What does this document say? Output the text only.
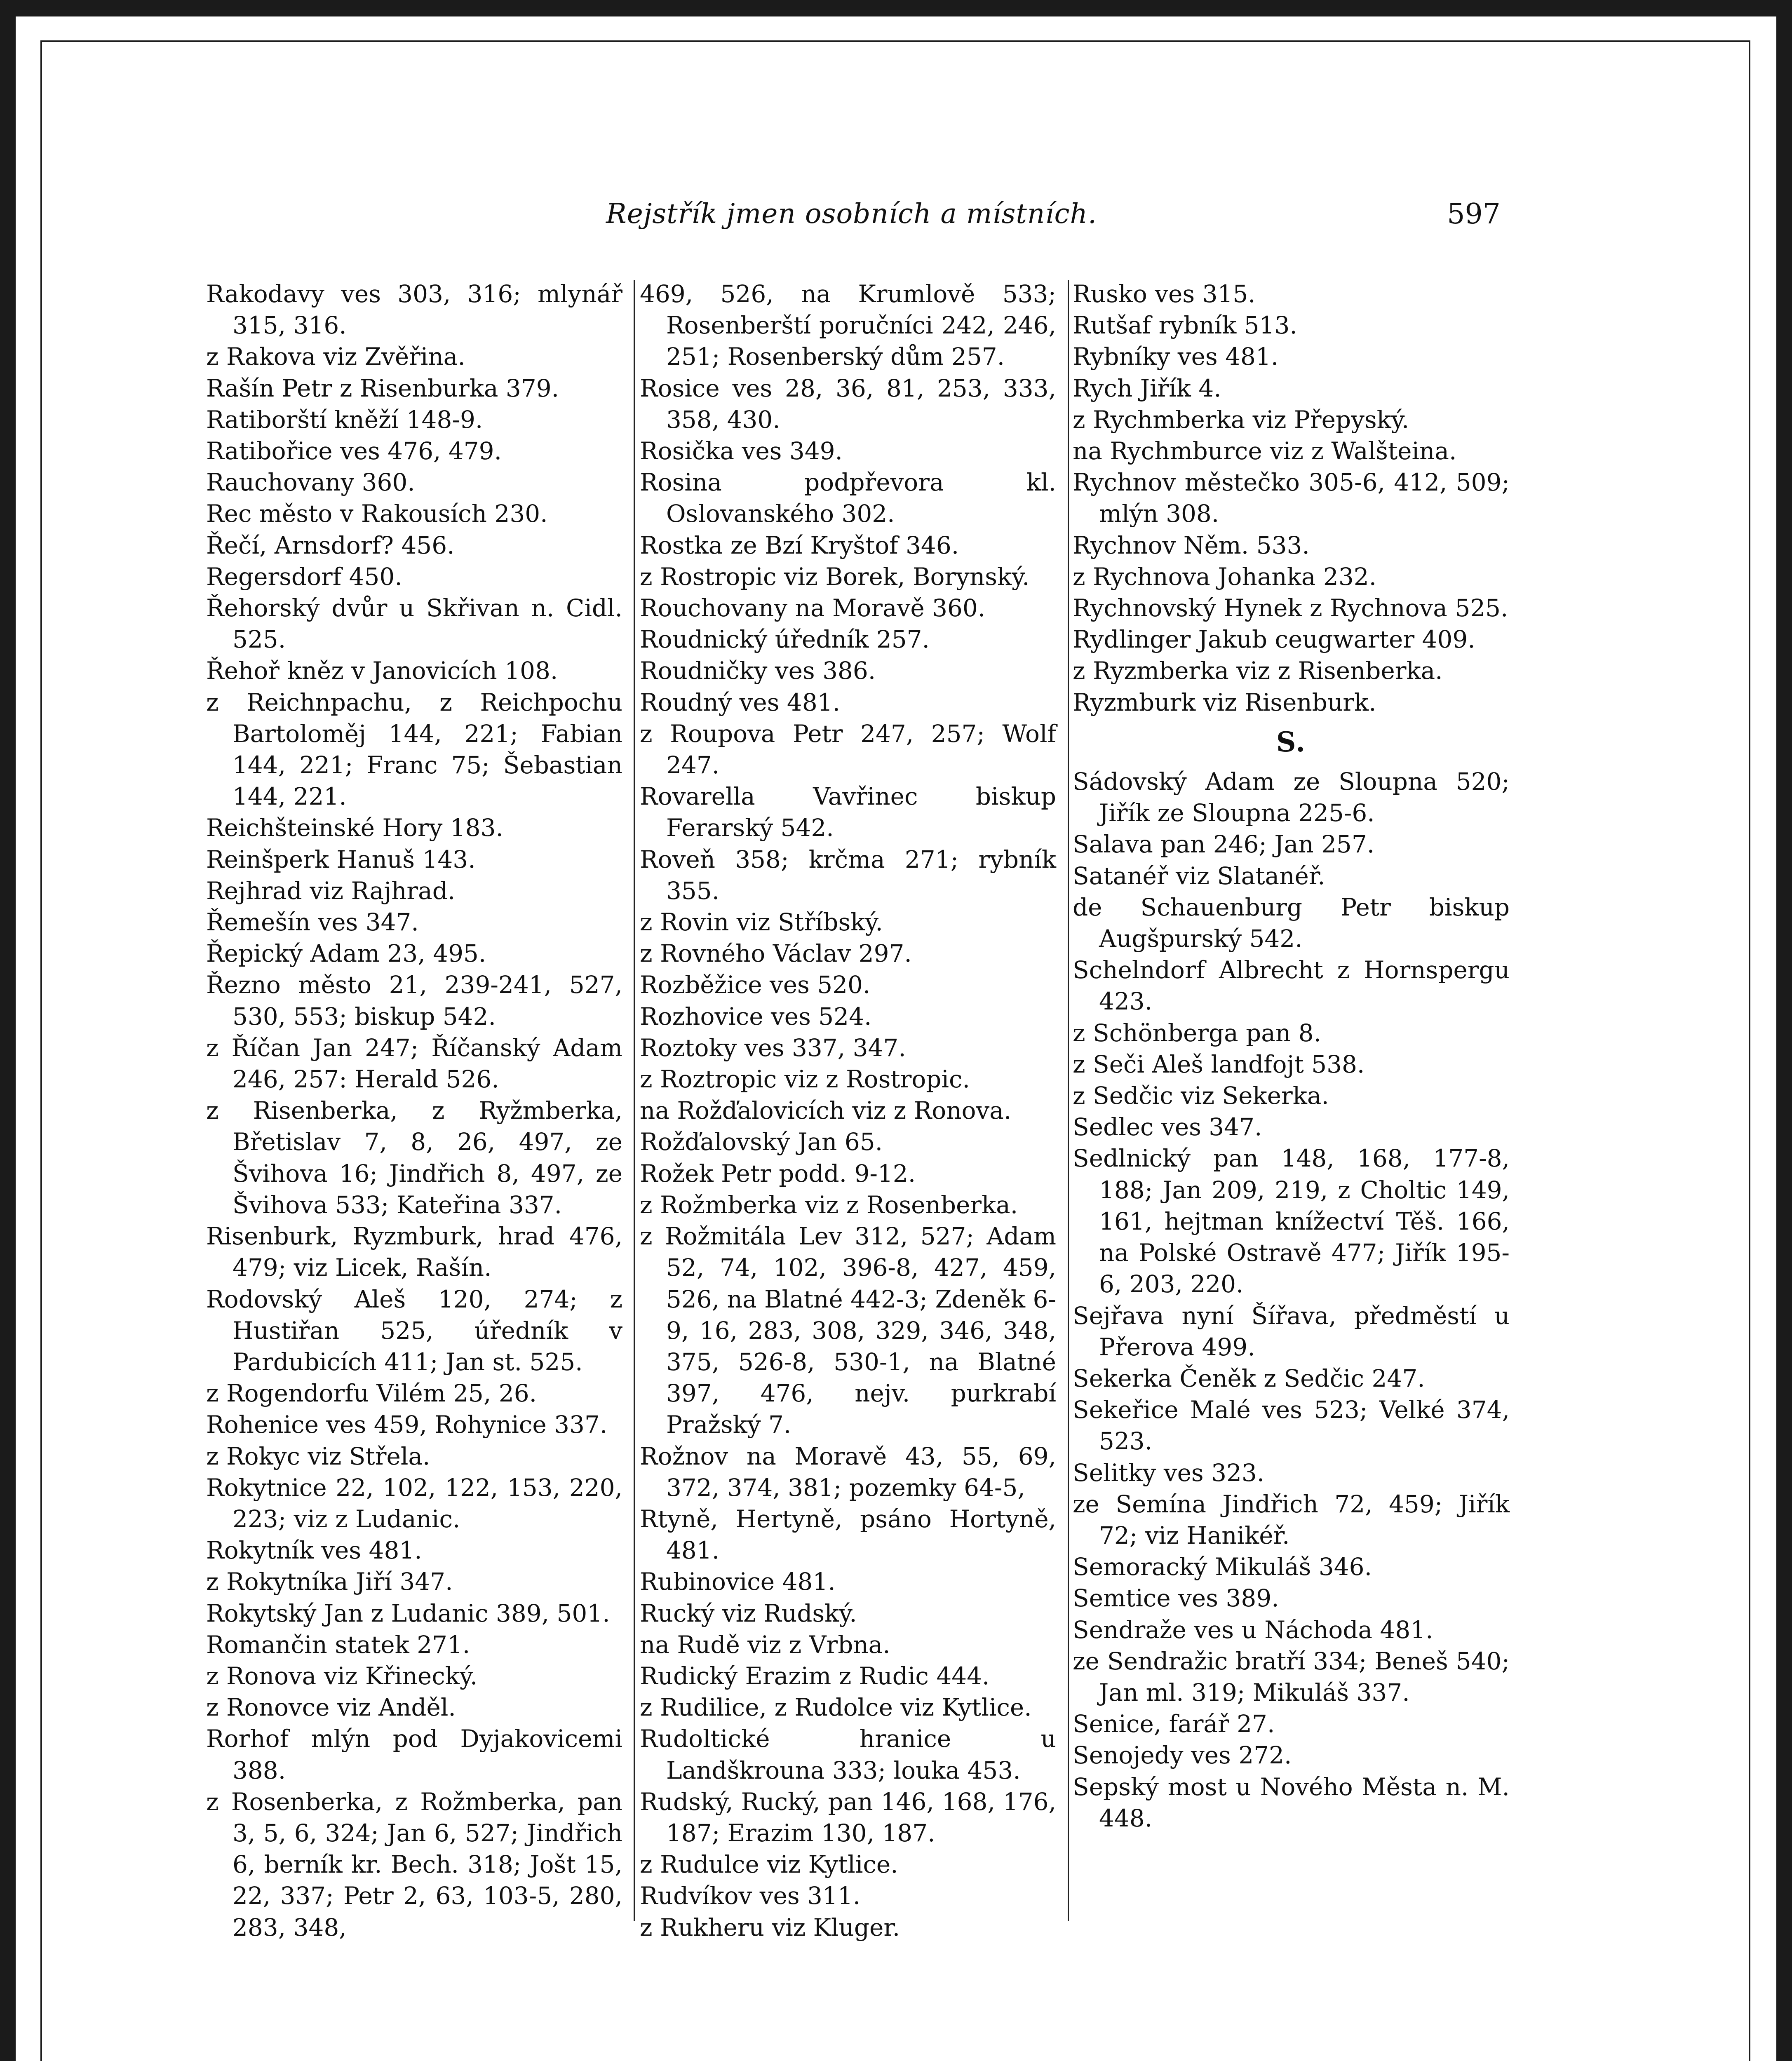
Rejstřík jmen osobních a místních.	597

Rakodavy ves 303, 316; mlynář 315, 316.

z Rakova viz Zvěřina.

Rašín Petr z Risenburka 379.

Ratiborští kněží 148-9.

Ratibořice ves 476, 479.

Rauchovany 360.

Rec město v Rakousích 230.

Řečí, Arnsdorf? 456.

Regersdorf 450.

Řehorský dvůr u Skřivan n. Cidl. 525.

Řehoř kněz v Janovicích 108.

z Reichnpachu, z Reichpochu Bartoloměj 144, 221; Fabian 144, 221; Franc 75; Šebastian 144, 221.

Reichšteinské Hory 183.

Reinšperk Hanuš 143.

Rejhrad viz Rajhrad.

Řemešín ves 347.

Řepický Adam 23, 495.

Řezno město 21, 239-241, 527, 530, 553; biskup 542.

z Říčan Jan 247; Říčanský Adam 246, 257: Herald 526.

z Risenberka, z Ryžmberka, Břetislav 7, 8, 26, 497, ze Švihova 16; Jindřich 8, 497, ze Švihova 533; Kateřina 337.

Risenburk, Ryzmburk, hrad 476, 479; viz Licek, Rašín.

Rodovský Aleš 120, 274; z Hustiřan 525, úředník v Pardubicích 411; Jan st. 525.

z Rogendorfu Vilém 25, 26.

Rohenice ves 459, Rohynice 337.

z Rokyc viz Střela.

Rokytnice 22, 102, 122, 153, 220, 223; viz z Ludanic.

Rokytník ves 481.

z Rokytníka Jiří 347.

Rokytský Jan z Ludanic 389, 501.

Romančin statek 271.

z Ronova viz Křinecký.

z Ronovce viz Anděl.

Rorhof mlýn pod Dyjakovicemi 388.

z Rosenberka, z Rožmberka, pan 3, 5, 6, 324; Jan 6, 527; Jindřich 6, berník kr. Bech. 318; Jošt 15, 22, 337; Petr 2, 63, 103-5, 280, 283, 348,

469, 526, na Krumlově 533; Rosenberští poručníci 242, 246, 251; Rosenberský dům 257.

Rosice ves 28, 36, 81, 253, 333, 358, 430.

Rosička ves 349.

Rosina podpřevora kl. Oslovanského 302.

Rostka ze Bzí Kryštof 346.

z Rostropic viz Borek, Borynský.

Rouchovany na Moravě 360.

Roudnický úředník 257.

Roudničky ves 386.

Roudný ves 481.

z Roupova Petr 247, 257; Wolf 247.

Rovarella Vavřinec biskup Ferarský 542.

Roveň 358; krčma 271; rybník 355.

z Rovin viz Stříbský.

z Rovného Václav 297.

Rozběžice ves 520.

Rozhovice ves 524.

Roztoky ves 337, 347.

z Roztropic viz z Rostropic.

na Rožďalovicích viz z Ronova.

Rožďalovský Jan 65.

Rožek Petr podd. 9-12.

z Rožmberka viz z Rosenberka.

z Rožmitála Lev 312, 527; Adam 52, 74, 102, 396-8, 427, 459, 526, na Blatné 442-3; Zdeněk 6-9, 16, 283, 308, 329, 346, 348, 375, 526-8, 530-1, na Blatné 397, 476, nejv. purkrabí Pražský 7.

Rožnov na Moravě 43, 55, 69, 372, 374, 381; pozemky 64-5,

Rtyně, Hertyně, psáno Hortyně, 481.

Rubinovice 481.

Rucký viz Rudský.

na Rudě viz z Vrbna.

Rudický Erazim z Rudic 444.

z Rudilice, z Rudolce viz Kytlice.

Rudoltické hranice u Landškrouna 333; louka 453.

Rudský, Rucký, pan 146, 168, 176, 187; Erazim 130, 187.

z Rudulce viz Kytlice.

Rudvíkov ves 311.

z Rukheru viz Kluger.

Rusko ves 315.

Rutšaf rybník 513.

Rybníky ves 481.

Rych Jiřík 4.

z Rychmberka viz Přepyský.

na Rychmburce viz z Walšteina.

Rychnov městečko 305-6, 412, 509; mlýn 308.

Rychnov Něm. 533.

z Rychnova Johanka 232.

Rychnovský Hynek z Rychnova 525.

Rydlinger Jakub ceugwarter 409.

z Ryzmberka viz z Risenberka.

Ryzmburk viz Risenburk.

S.

Sádovský Adam ze Sloupna 520; Jiřík ze Sloupna 225-6.

Salava pan 246; Jan 257.

Satanéř viz Slatanéř.

de Schauenburg Petr biskup Augšpurský 542.

Schelndorf Albrecht z Hornspergu 423.

z Schönberga pan 8.

z Seči Aleš landfojt 538.

z Sedčic viz Sekerka.

Sedlec ves 347.

Sedlnický pan 148, 168, 177-8, 188; Jan 209, 219, z Choltic 149, 161, hejtman knížectví Těš. 166, na Polské Ostravě 477; Jiřík 195-6, 203, 220.

Sejřava nyní Šířava, předměstí u Přerova 499.

Sekerka Čeněk z Sedčic 247.

Sekeřice Malé ves 523; Velké 374, 523.

Selitky ves 323.

ze Semína Jindřich 72, 459; Jiřík 72; viz Hanikéř.

Semoracký Mikuláš 346.

Semtice ves 389.

Sendraže ves u Náchoda 481.

ze Sendražic bratří 334; Beneš 540; Jan ml. 319; Mikuláš 337.

Senice, farář 27.

Senojedy ves 272.

Sepský most u Nového Města n. M. 448.
